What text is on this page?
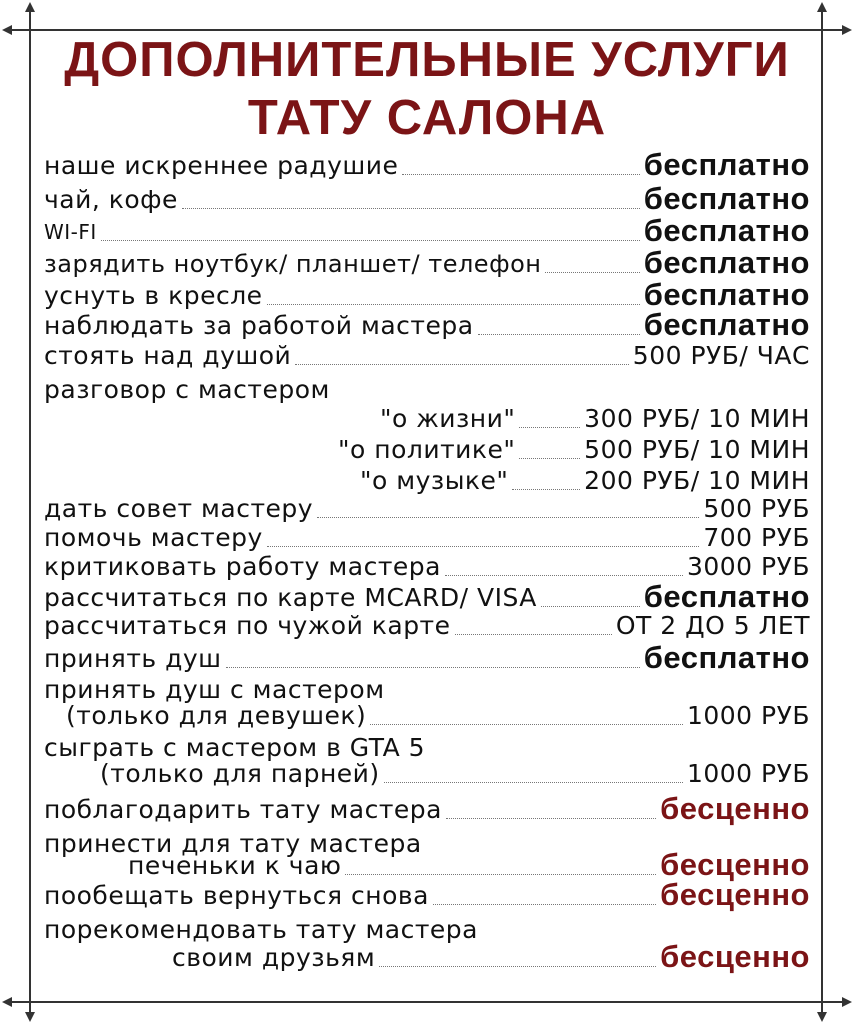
ДОПОЛНИТЕЛЬНЫЕ УСЛУГИ
ТАТУ САЛОНА
наше искреннее радушие	бесплатно
чай, кофе	бесплатно
WI-FI	бесплатно
зарядить ноутбук/ планшет/ телефон	бесплатно
уснуть в кресле	бесплатно
наблюдать за работой мастера	бесплатно
стоять над душой	500 РУБ/ ЧАС
разговор с мастером
"о жизни"	300 РУБ/ 10 МИН
"о политике"	500 РУБ/ 10 МИН
"о музыке"	200 РУБ/ 10 МИН
дать совет мастеру	500 РУБ
помочь мастеру	700 РУБ
критиковать работу мастера	3000 РУБ
рассчитаться по карте MCARD/ VISA	бесплатно
рассчитаться по чужой карте	ОТ 2 ДО 5 ЛЕТ
принять душ	бесплатно
принять душ с мастером
(только для девушек)	1000 РУБ
сыграть с мастером в GTA 5
(только для парней)	1000 РУБ
поблагодарить тату мастера	бесценно
принести для тату мастера
печеньки к чаю	бесценно
пообещать вернуться снова	бесценно
порекомендовать тату мастера
своим друзьям	бесценно
